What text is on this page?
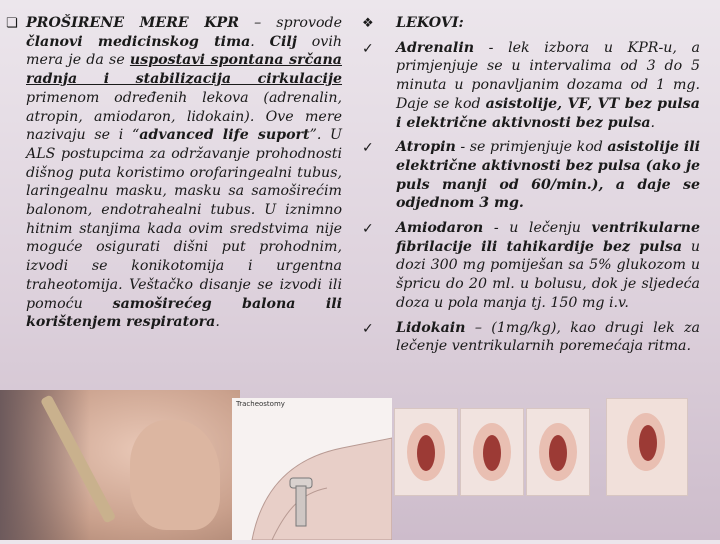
❏ PROŠIRENE MERE KPR – sprovode članovi medicinskog tima. Cilj ovih mera je da se uspostavi spontana srčana radnja i stabilizacija cirkulacije primenom određenih lekova (adrenalin, atropin, amiodaron, lidokain). Ove mere nazivaju se i “advanced life suport”. U ALS postupcima za održavanje prohodnosti dišnog puta koristimo orofaringealni tubus, laringealnu masku, masku sa samoširećim balonom, endotrahealni tubus. U iznimno hitnim stanjima kada ovim sredstvima nije moguće osigurati dišni put prohodnim, izvodi se konikotomija i urgentna traheotomija. Veštačko disanje se izvodi ili pomoću samoširećeg balona ili korištenjem respiratora.

❖ LEKOVI:

✓ Adrenalin - lek izbora u KPR-u, a primjenjuje se u intervalima od 3 do 5 minuta u ponavljanim dozama od 1 mg. Daje se kod asistolije, VF, VT bez pulsa i električne aktivnosti bez pulsa.

✓ Atropin - se primjenjuje kod asistolije ili električne aktivnosti bez pulsa (ako je puls manji od 60/min.), a daje se odjednom 3 mg.

✓ Amiodaron - u lečenju ventrikularne fibrilacije ili tahikardije bez pulsa u dozi 300 mg pomiješan sa 5% glukozom u špricu do 20 ml. u bolusu, dok je sljedeća doza u pola manja tj. 150 mg i.v.

✓ Lidokain – (1mg/kg), kao drugi lek za lečenje ventrikularnih poremećaja ritma.

Tracheostomy
